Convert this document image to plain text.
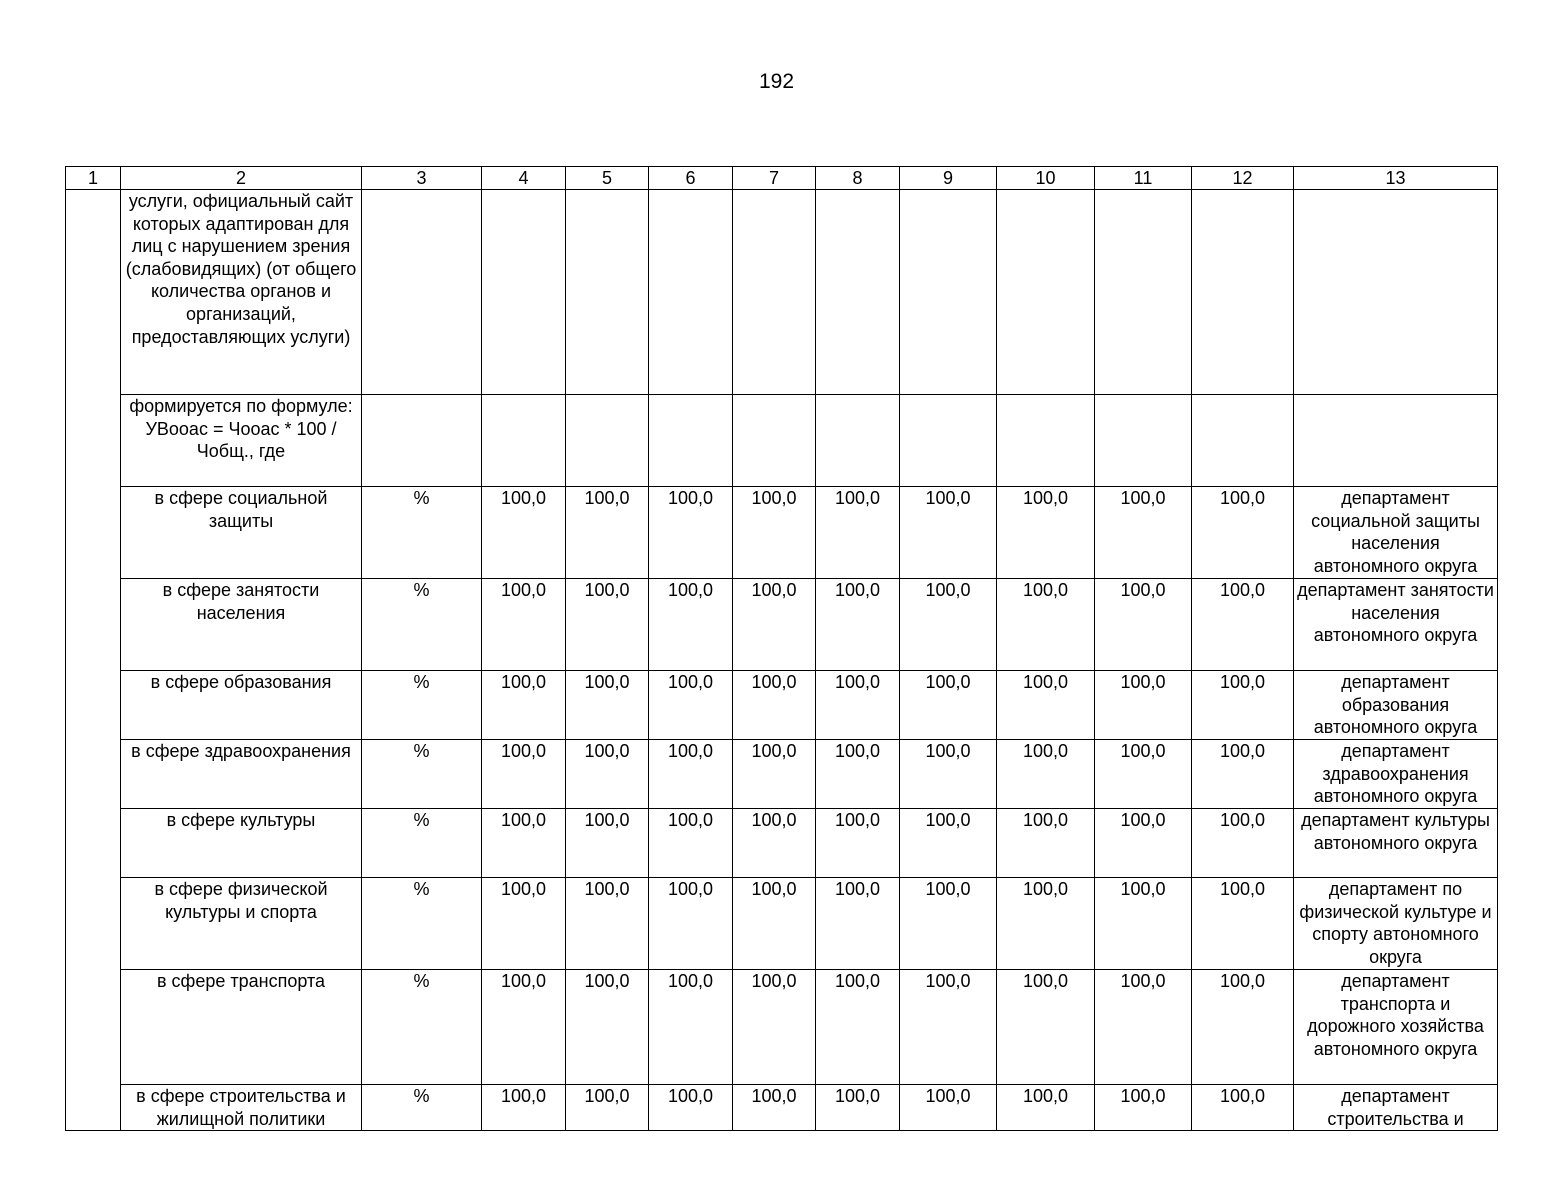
192
1	2	3	4	5	6	7	8	9	10	11	12	13
	услуги, официальный сайт которых адаптирован для лиц с нарушением зрения (слабовидящих) (от общего количества органов и организаций, предоставляющих услуги)											
	формируется по формуле: УВооас = Чооас * 100 / Чобщ., где											
	в сфере социальной защиты	%	100,0	100,0	100,0	100,0	100,0	100,0	100,0	100,0	100,0	департамент социальной защиты населения автономного округа
	в сфере занятости населения	%	100,0	100,0	100,0	100,0	100,0	100,0	100,0	100,0	100,0	департамент занятости населения автономного округа
	в сфере образования	%	100,0	100,0	100,0	100,0	100,0	100,0	100,0	100,0	100,0	департамент образования автономного округа
	в сфере здравоохранения	%	100,0	100,0	100,0	100,0	100,0	100,0	100,0	100,0	100,0	департамент здравоохранения автономного округа
	в сфере культуры	%	100,0	100,0	100,0	100,0	100,0	100,0	100,0	100,0	100,0	департамент культуры автономного округа
	в сфере физической культуры и спорта	%	100,0	100,0	100,0	100,0	100,0	100,0	100,0	100,0	100,0	департамент по физической культуре и спорту автономного округа
	в сфере транспорта	%	100,0	100,0	100,0	100,0	100,0	100,0	100,0	100,0	100,0	департамент транспорта и дорожного хозяйства автономного округа
	в сфере строительства и жилищной политики	%	100,0	100,0	100,0	100,0	100,0	100,0	100,0	100,0	100,0	департамент строительства и
